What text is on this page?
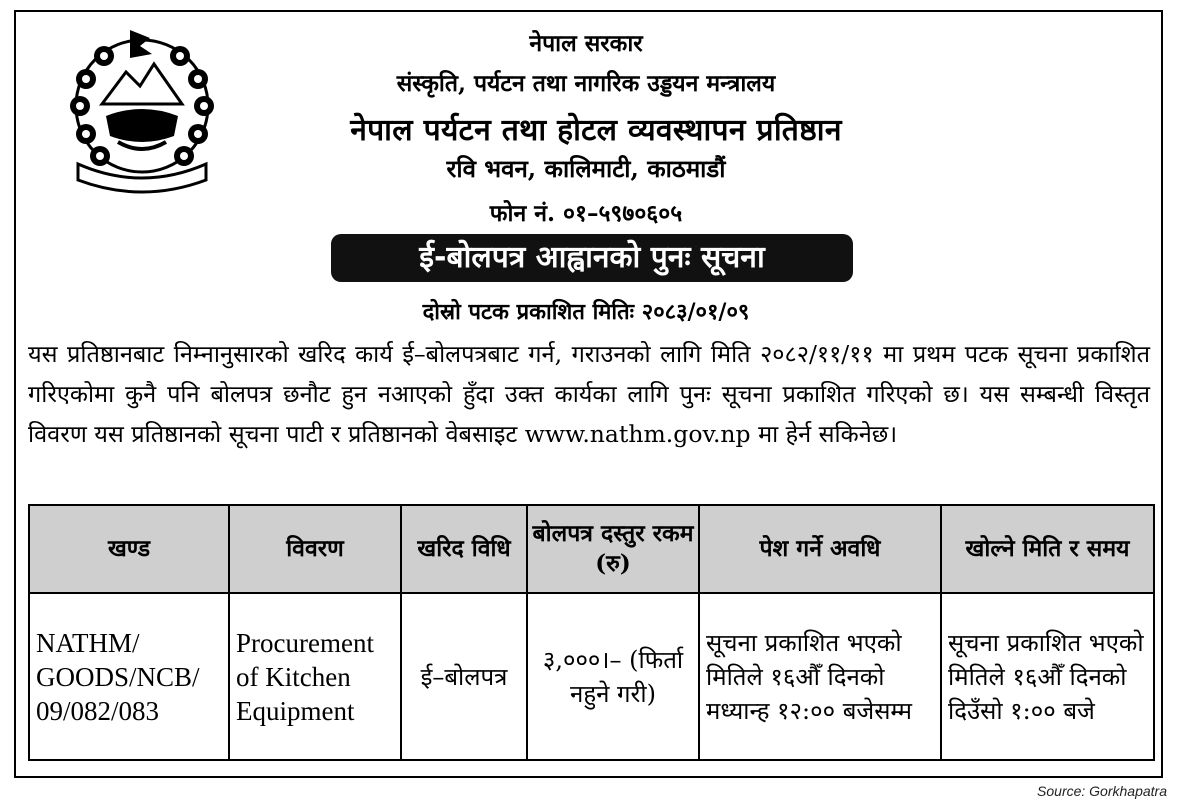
नेपाल सरकार
संस्कृति, पर्यटन तथा नागरिक उड्डयन मन्त्रालय
नेपाल पर्यटन तथा होटल व्यवस्थापन प्रतिष्ठान
रवि भवन, कालिमाटी, काठमाडौं
फोन नं. ०१–५९७०६०५
ई-बोलपत्र आह्वानको पुनः सूचना
दोस्रो पटक प्रकाशित मितिः २०८३/०१/०९
यस प्रतिष्ठानबाट निम्नानुसारको खरिद कार्य ई–बोलपत्रबाट गर्न, गराउनको लागि मिति २०८२/११/११ मा प्रथम पटक सूचना प्रकाशित गरिएकोमा कुनै पनि बोलपत्र छनौट हुन नआएको हुँदा उक्त कार्यका लागि पुनः सूचना प्रकाशित गरिएको छ। यस सम्बन्धी विस्तृत विवरण यस प्रतिष्ठानको सूचना पाटी र प्रतिष्ठानको वेबसाइट www.nathm.gov.np मा हेर्न सकिनेछ।
खण्ड	विवरण	खरिद विधि	बोलपत्र दस्तुर रकम (रु)	पेश गर्ने अवधि	खोल्ने मिति र समय
NATHM/ GOODS/NCB/ 09/082/083	Procurement of Kitchen Equipment	ई–बोलपत्र	३,०००।– (फिर्ता नहुने गरी)	सूचना प्रकाशित भएको मितिले १६औँ दिनको मध्यान्ह १२:०० बजेसम्म	सूचना प्रकाशित भएको मितिले १६औँ दिनको दिउँसो १:०० बजे
Source: Gorkhapatra
